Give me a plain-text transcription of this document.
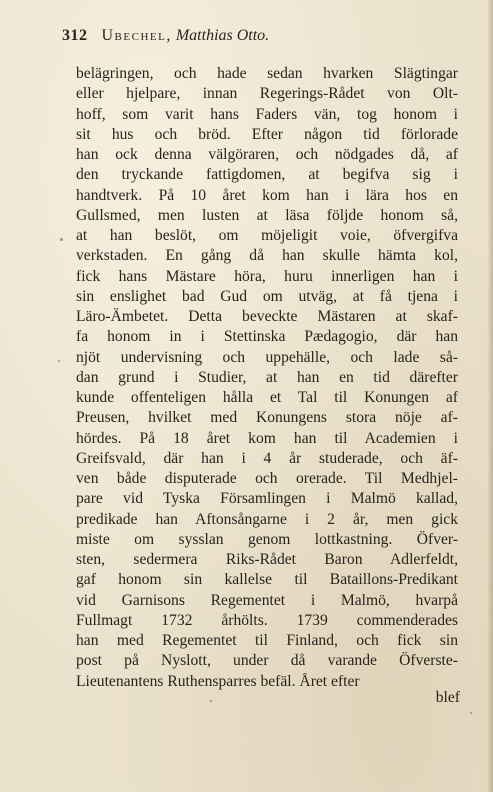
312 Ubechel, Matthias Otto.
belägringen, och hade sedan hvarken Slägtingar
eller hjelpare, innan Regerings-Rådet von Olt-
hoff, som varit hans Faders vän, tog honom i
sit hus och bröd. Efter någon tid förlorade
han ock denna välgöraren, och nödgades då, af
den tryckande fattigdomen, at begifva sig i
handtverk. På 10 året kom han i lära hos en
Gullsmed, men lusten at läsa följde honom så,
at han beslöt, om möjeligit voie, öfvergifva
verkstaden. En gång då han skulle hämta kol,
fick hans Mästare höra, huru innerligen han i
sin enslighet bad Gud om utväg, at få tjena i
Läro-Ämbetet. Detta beveckte Mästaren at skaf-
fa honom in i Stettinska Pædagogio, där han
njöt undervisning och uppehälle, och lade så-
dan grund i Studier, at han en tid därefter
kunde offenteligen hålla et Tal til Konungen af
Preusen, hvilket med Konungens stora nöje af-
hördes. På 18 året kom han til Academien i
Greifsvald, där han i 4 år studerade, och äf-
ven både disputerade och orerade. Til Medhjel-
pare vid Tyska Församlingen i Malmö kallad,
predikade han Aftonsångarne i 2 år, men gick
miste om sysslan genom lottkastning. Öfver-
sten, sedermera Riks-Rådet Baron Adlerfeldt,
gaf honom sin kallelse til Bataillons-Predikant
vid Garnisons Regementet i Malmö, hvarpå
Fullmagt 1732 århölts. 1739 commenderades
han med Regementet til Finland, och fick sin
post på Nyslott, under då varande Öfverste-
Lieutenantens Ruthensparres befäl. Året efter
blef
